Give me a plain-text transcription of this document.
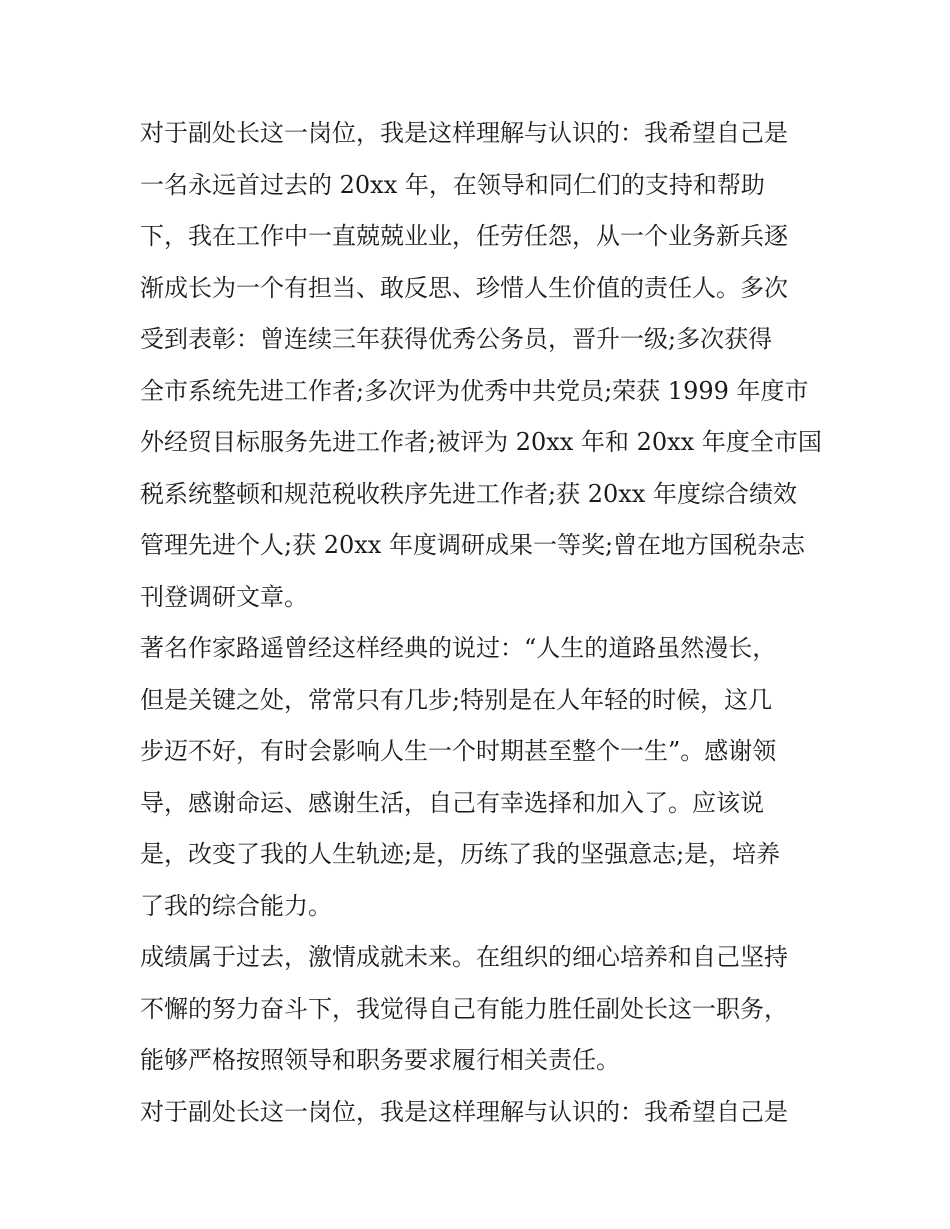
对于副处长这一岗位，我是这样理解与认识的：我希望自己是
一名永远首过去的 20xx 年，在领导和同仁们的支持和帮助
下，我在工作中一直兢兢业业，任劳任怨，从一个业务新兵逐
渐成长为一个有担当、敢反思、珍惜人生价值的责任人。多次
受到表彰：曾连续三年获得优秀公务员，晋升一级;多次获得
全市系统先进工作者;多次评为优秀中共党员;荣获 1999 年度市
外经贸目标服务先进工作者;被评为 20xx 年和 20xx 年度全市国
税系统整顿和规范税收秩序先进工作者;获 20xx 年度综合绩效
管理先进个人;获 20xx 年度调研成果一等奖;曾在地方国税杂志
刊登调研文章。
著名作家路遥曾经这样经典的说过：“人生的道路虽然漫长，
但是关键之处，常常只有几步;特别是在人年轻的时候，这几
步迈不好，有时会影响人生一个时期甚至整个一生”。感谢领
导，感谢命运、感谢生活，自己有幸选择和加入了。应该说
是，改变了我的人生轨迹;是，历练了我的坚强意志;是，培养
了我的综合能力。
成绩属于过去，激情成就未来。在组织的细心培养和自己坚持
不懈的努力奋斗下，我觉得自己有能力胜任副处长这一职务，
能够严格按照领导和职务要求履行相关责任。
对于副处长这一岗位，我是这样理解与认识的：我希望自己是
